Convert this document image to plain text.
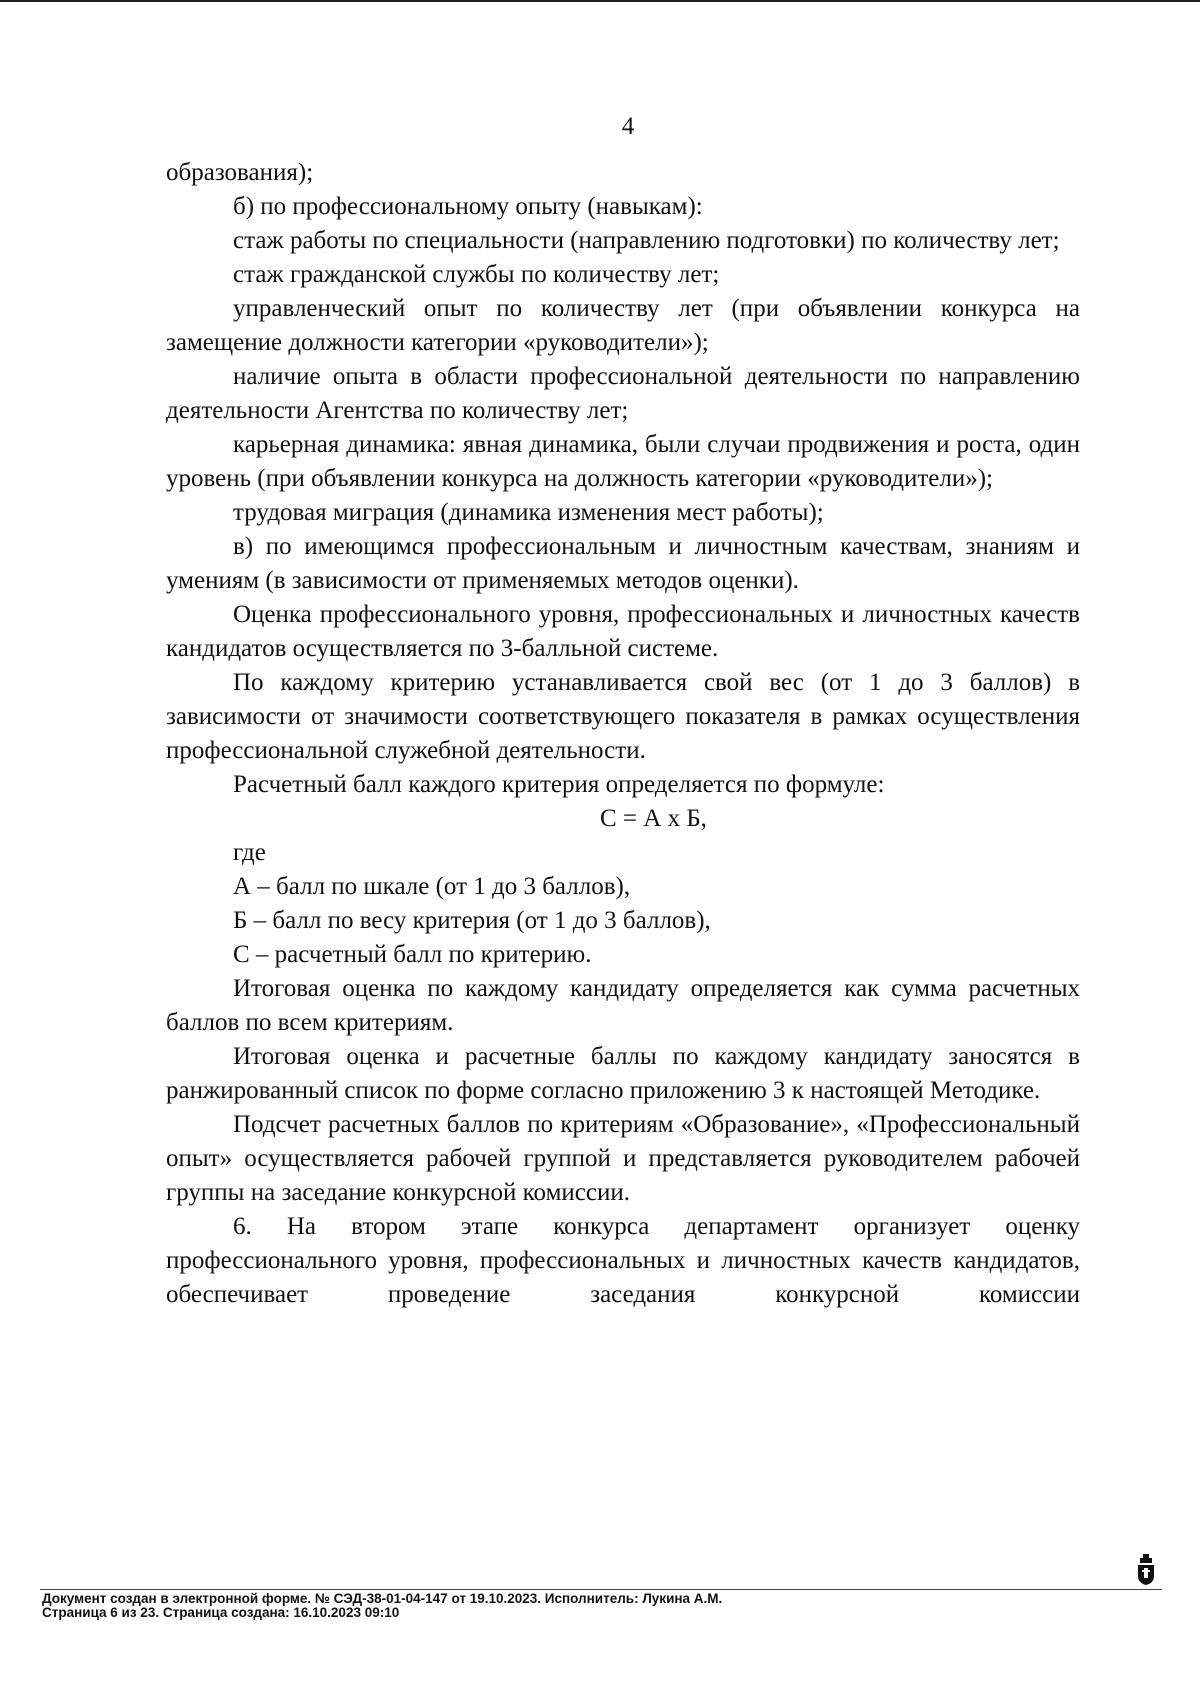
4

образования);

б) по профессиональному опыту (навыкам):

стаж работы по специальности (направлению подготовки) по количеству лет;

стаж гражданской службы по количеству лет;

управленческий опыт по количеству лет (при объявлении конкурса на замещение должности категории «руководители»);

наличие опыта в области профессиональной деятельности по направлению деятельности Агентства по количеству лет;

карьерная динамика: явная динамика, были случаи продвижения и роста, один уровень (при объявлении конкурса на должность категории «руководители»);

трудовая миграция (динамика изменения мест работы);

в) по имеющимся профессиональным и личностным качествам, знаниям и умениям (в зависимости от применяемых методов оценки).

Оценка профессионального уровня, профессиональных и личностных качеств кандидатов осуществляется по 3-балльной системе.

По каждому критерию устанавливается свой вес (от 1 до 3 баллов) в зависимости от значимости соответствующего показателя в рамках осуществления профессиональной служебной деятельности.

Расчетный балл каждого критерия определяется по формуле:

С = А х Б,

где

А – балл по шкале (от 1 до 3 баллов),

Б – балл по весу критерия (от 1 до 3 баллов),

С – расчетный балл по критерию.

Итоговая оценка по каждому кандидату определяется как сумма расчетных баллов по всем критериям.

Итоговая оценка и расчетные баллы по каждому кандидату заносятся в ранжированный список по форме согласно приложению 3 к настоящей Методике.

Подсчет расчетных баллов по критериям «Образование», «Профессиональный опыт» осуществляется рабочей группой и представляется руководителем рабочей группы на заседание конкурсной комиссии.

6. На втором этапе конкурса департамент организует оценку профессионального уровня, профессиональных и личностных качеств кандидатов, обеспечивает проведение заседания конкурсной комиссии

Документ создан в электронной форме. № СЭД-38-01-04-147 от 19.10.2023. Исполнитель: Лукина А.М.
Страница 6 из 23. Страница создана: 16.10.2023 09:10
